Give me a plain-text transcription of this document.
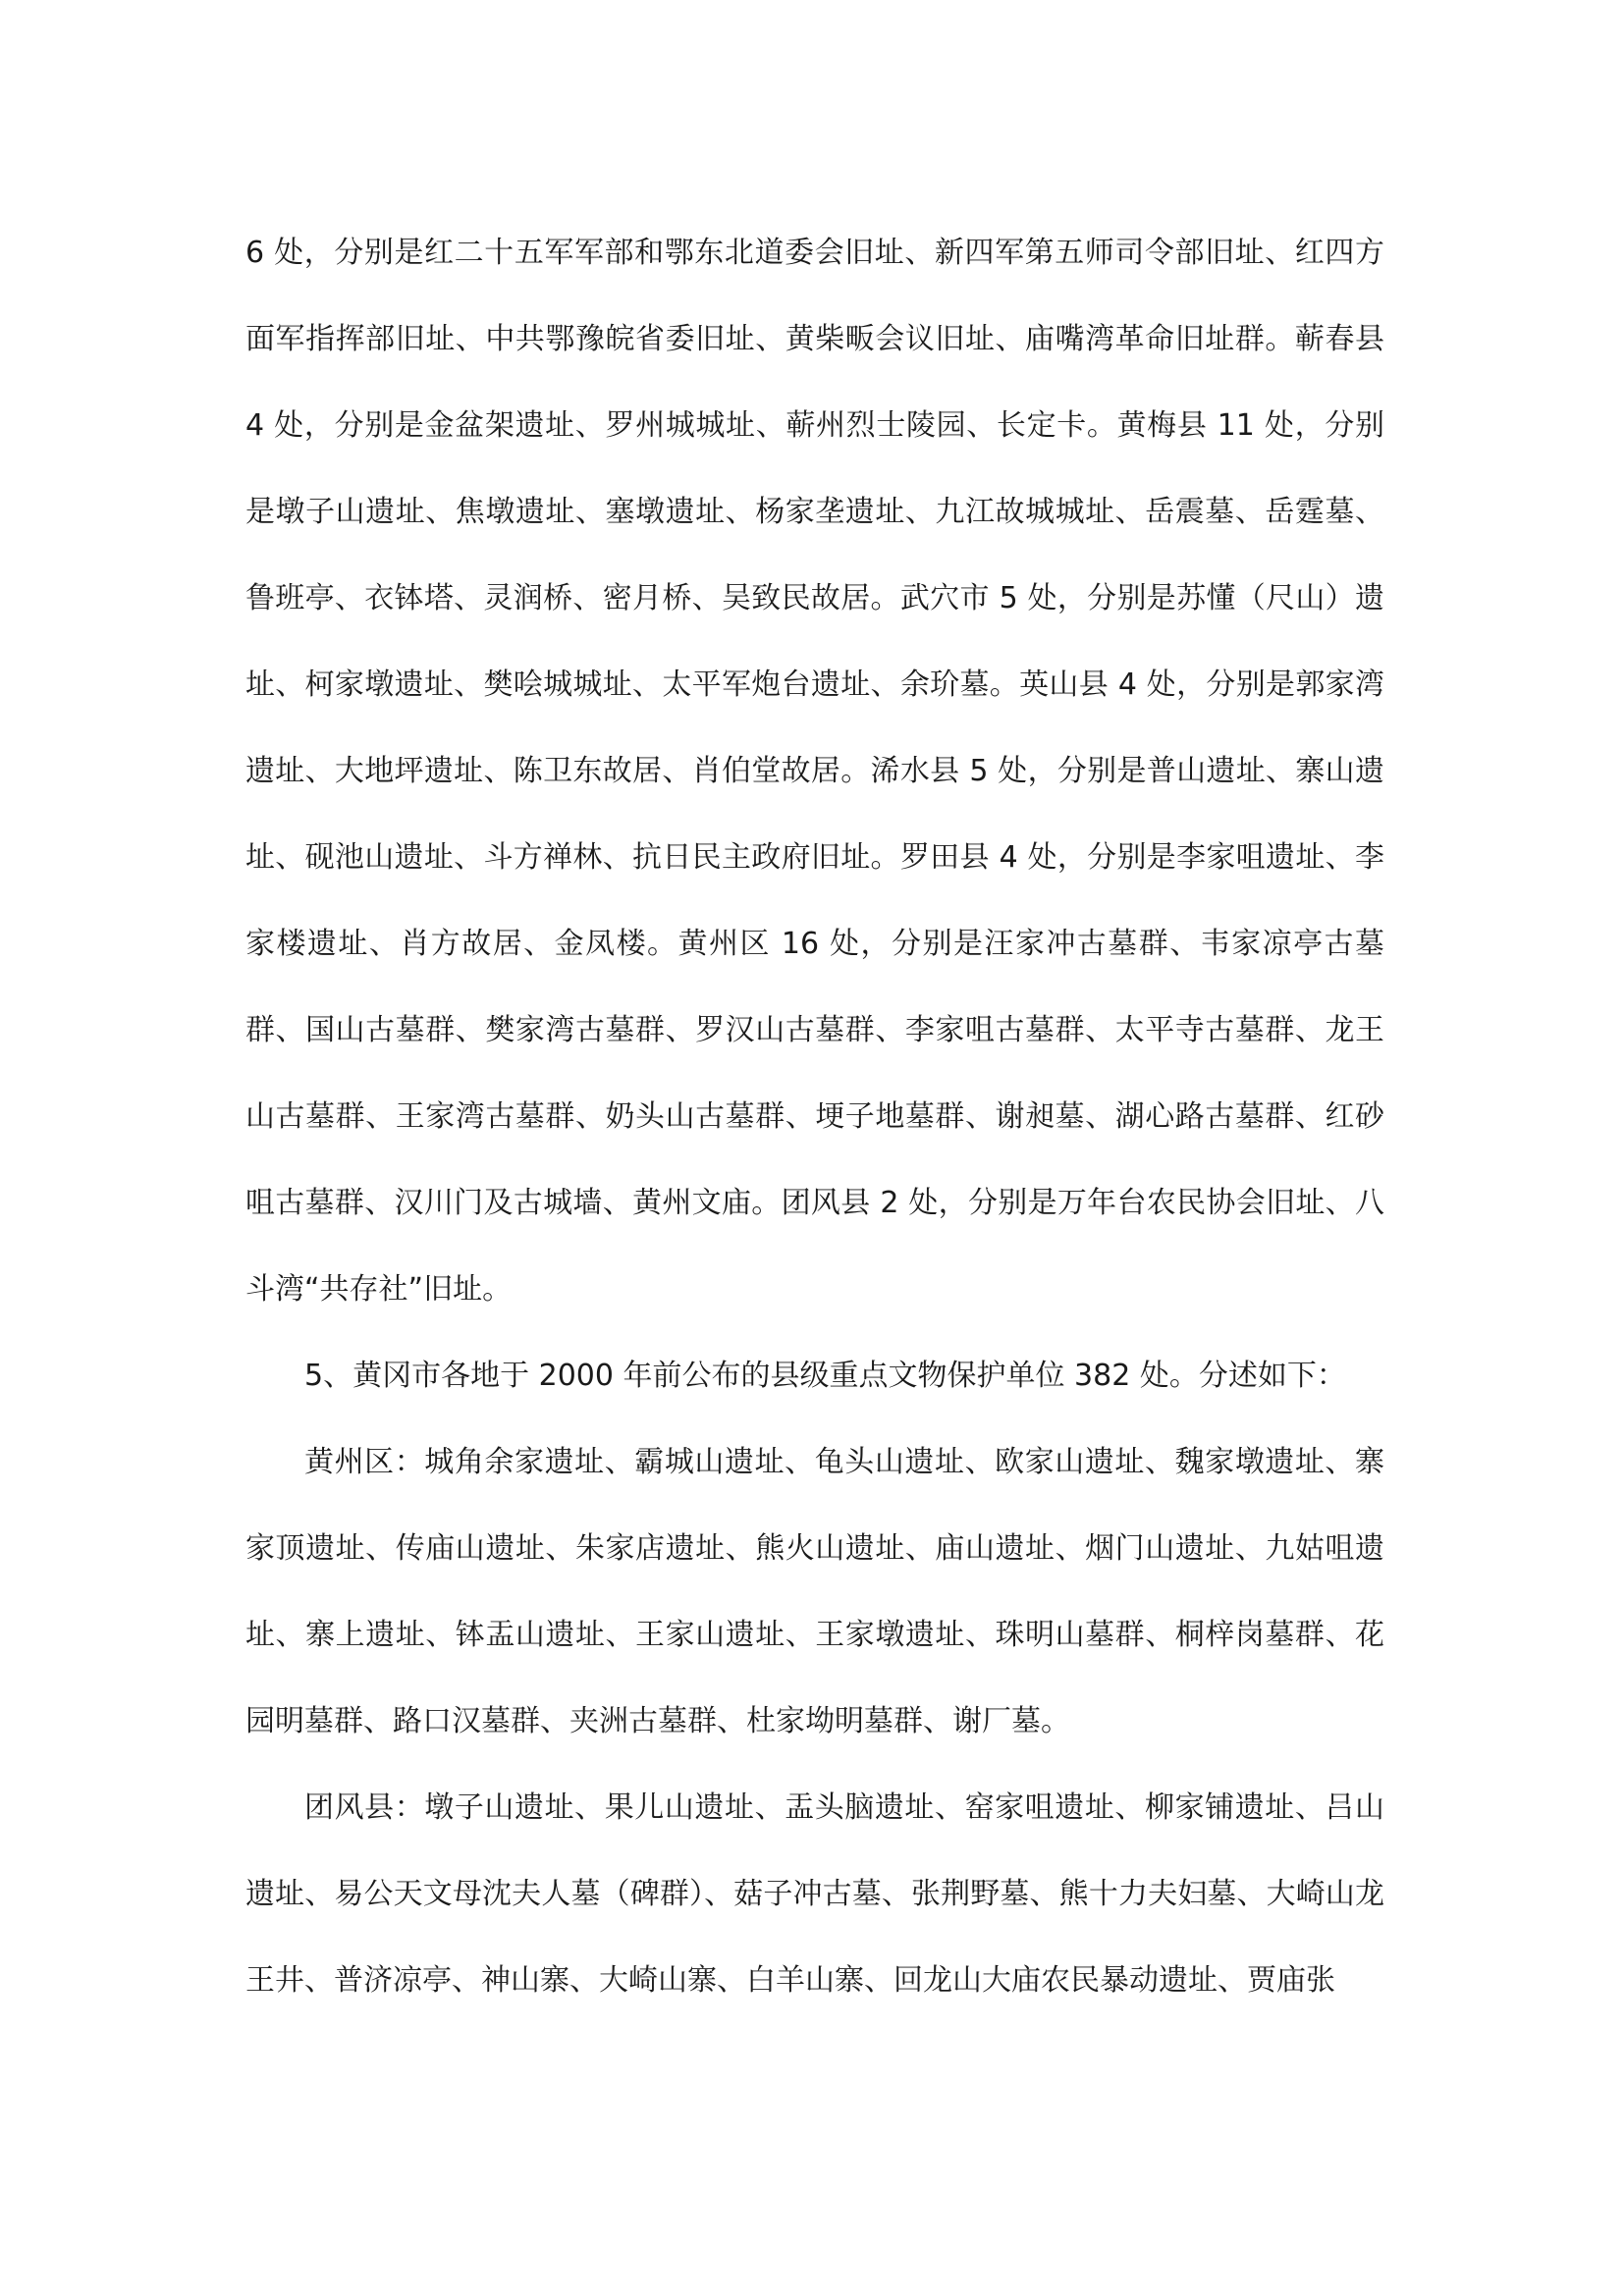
6 处，分别是红二十五军军部和鄂东北道委会旧址、新四军第五师司令部旧址、红四方面军指挥部旧址、中共鄂豫皖省委旧址、黄柴畈会议旧址、庙嘴湾革命旧址群。蕲春县 4 处，分别是金盆架遗址、罗州城城址、蕲州烈士陵园、长定卡。黄梅县 11 处，分别是墩子山遗址、焦墩遗址、塞墩遗址、杨家垄遗址、九江故城城址、岳震墓、岳霆墓、鲁班亭、衣钵塔、灵润桥、密月桥、吴致民故居。武穴市 5 处，分别是苏懂（尺山）遗址、柯家墩遗址、樊哙城城址、太平军炮台遗址、余玠墓。英山县 4 处，分别是郭家湾遗址、大地坪遗址、陈卫东故居、肖伯堂故居。浠水县 5 处，分别是普山遗址、寨山遗址、砚池山遗址、斗方禅林、抗日民主政府旧址。罗田县 4 处，分别是李家咀遗址、李家楼遗址、肖方故居、金凤楼。黄州区 16 处，分别是汪家冲古墓群、韦家凉亭古墓群、国山古墓群、樊家湾古墓群、罗汉山古墓群、李家咀古墓群、太平寺古墓群、龙王山古墓群、王家湾古墓群、奶头山古墓群、埂子地墓群、谢昶墓、湖心路古墓群、红砂咀古墓群、汉川门及古城墙、黄州文庙。团风县 2 处，分别是万年台农民协会旧址、八斗湾“共存社”旧址。

5、黄冈市各地于 2000 年前公布的县级重点文物保护单位 382 处。分述如下：

黄州区：城角余家遗址、霸城山遗址、龟头山遗址、欧家山遗址、魏家墩遗址、寨家顶遗址、传庙山遗址、朱家店遗址、熊火山遗址、庙山遗址、烟门山遗址、九姑咀遗址、寨上遗址、钵盂山遗址、王家山遗址、王家墩遗址、珠明山墓群、桐梓岗墓群、花园明墓群、路口汉墓群、夹洲古墓群、杜家坳明墓群、谢厂墓。

团风县：墩子山遗址、果儿山遗址、盂头脑遗址、窑家咀遗址、柳家铺遗址、吕山遗址、易公天文母沈夫人墓（碑群）、菇子冲古墓、张荆野墓、熊十力夫妇墓、大崎山龙王井、普济凉亭、神山寨、大崎山寨、白羊山寨、回龙山大庙农民暴动遗址、贾庙张
